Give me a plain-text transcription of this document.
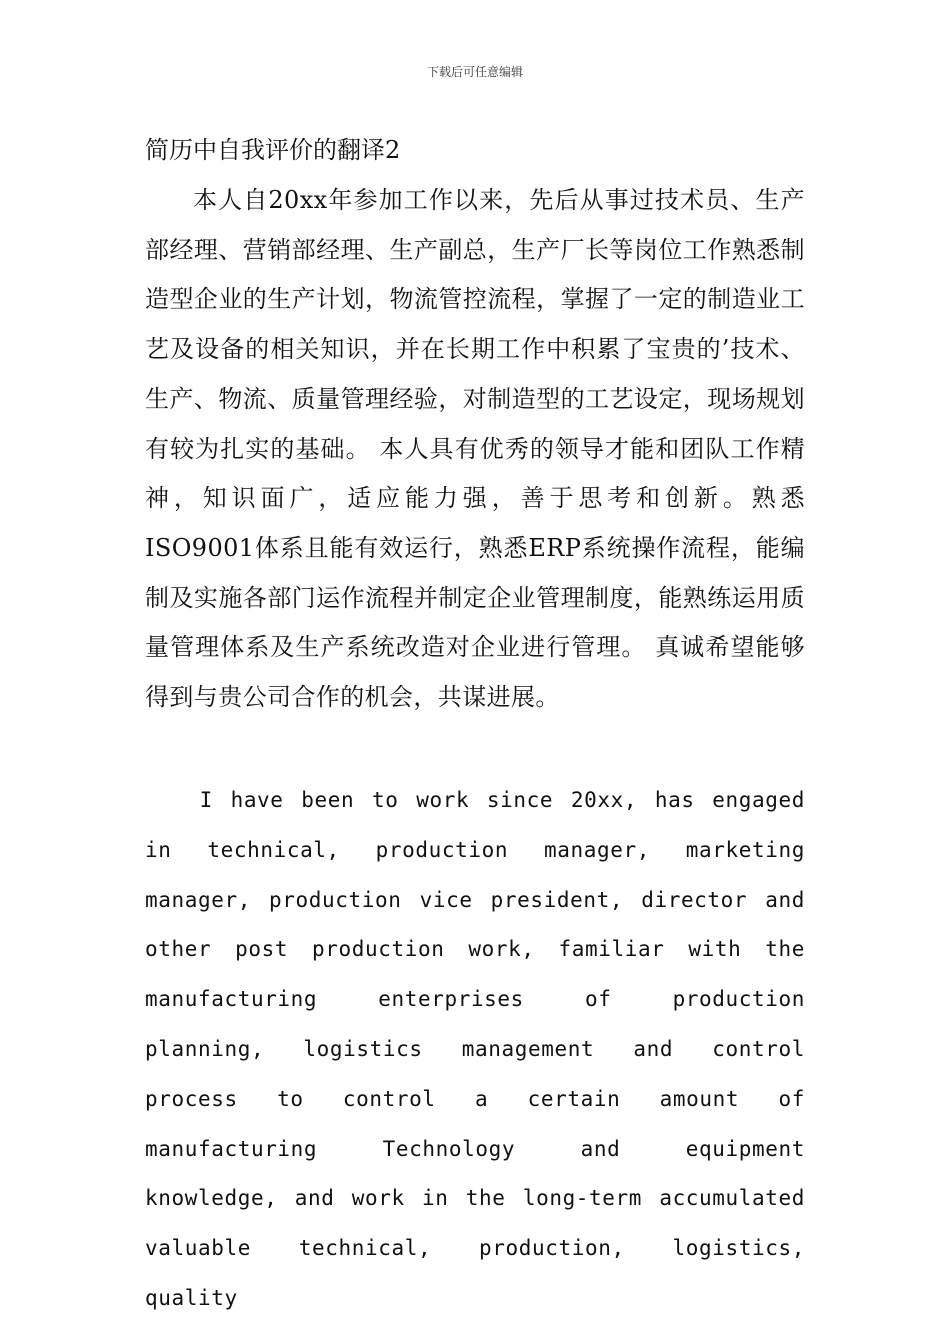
下载后可任意编辑
简历中自我评价的翻译2

本人自20xx年参加工作以来，先后从事过技术员、生产部经理、营销部经理、生产副总，生产厂长等岗位工作熟悉制造型企业的生产计划，物流管控流程，掌握了一定的制造业工艺及设备的相关知识，并在长期工作中积累了宝贵的’技术、生产、物流、质量管理经验，对制造型的工艺设定，现场规划有较为扎实的基础。 本人具有优秀的领导才能和团队工作精神，知识面广，适应能力强，善于思考和创新。熟悉ISO9001体系且能有效运行，熟悉ERP系统操作流程，能编制及实施各部门运作流程并制定企业管理制度，能熟练运用质量管理体系及生产系统改造对企业进行管理。 真诚希望能够得到与贵公司合作的机会，共谋进展。

I have been to work since 20xx, has engaged in technical, production manager, marketing manager, production vice president, director and other post production work, familiar with the manufacturing enterprises of production planning, logistics management and control process to control a certain amount of manufacturing Technology and equipment knowledge, and work in the long-term accumulated valuable technical, production, logistics, quality
